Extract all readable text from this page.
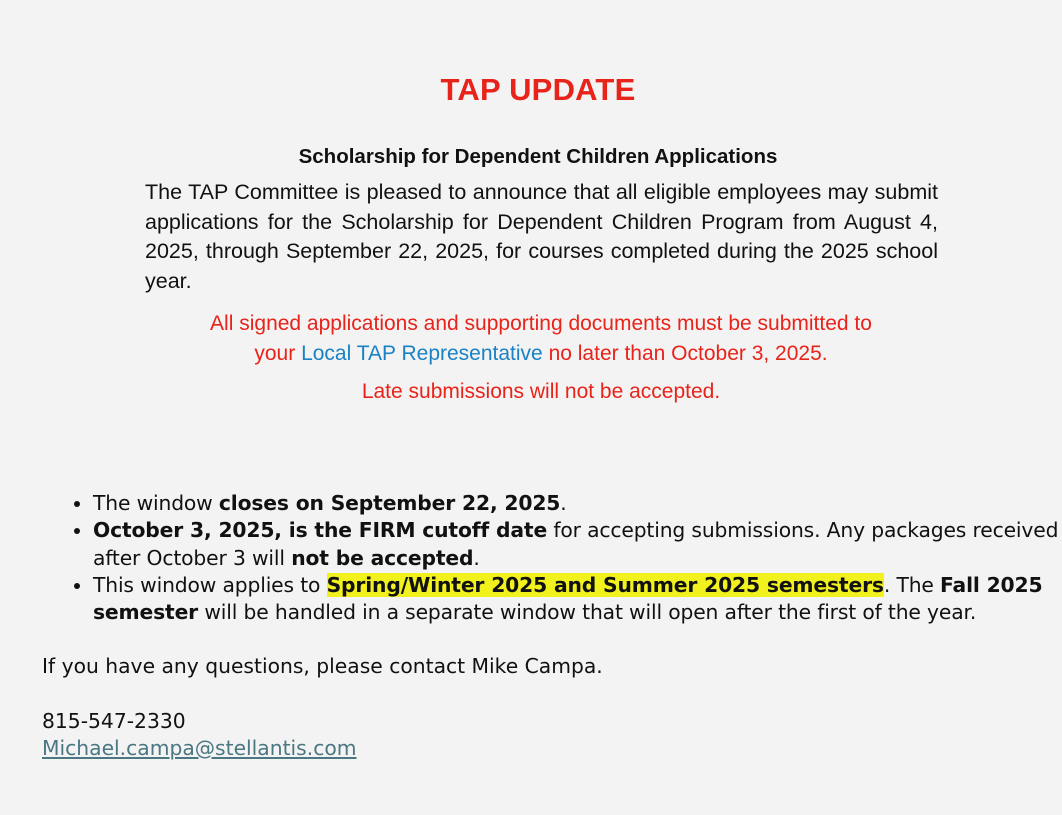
TAP UPDATE
Scholarship for Dependent Children Applications
The TAP Committee is pleased to announce that all eligible employees may submit applications for the Scholarship for Dependent Children Program from August 4, 2025, through September 22, 2025, for courses completed during the 2025 school year.
All signed applications and supporting documents must be submitted to
your Local TAP Representative no later than October 3, 2025.
Late submissions will not be accepted.
• The window closes on September 22, 2025.
• October 3, 2025, is the FIRM cutoff date for accepting submissions. Any packages received after October 3 will not be accepted.
• This window applies to Spring/Winter 2025 and Summer 2025 semesters. The Fall 2025 semester will be handled in a separate window that will open after the first of the year.

If you have any questions, please contact Mike Campa.

815-547-2330

Michael.campa@stellantis.com
